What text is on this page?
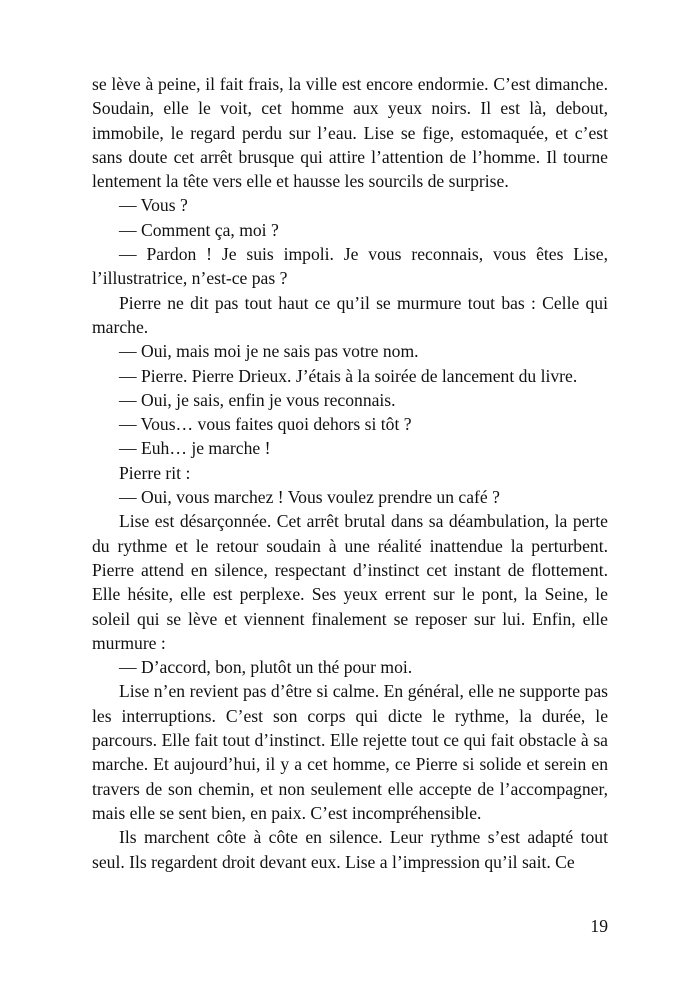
se lève à peine, il fait frais, la ville est encore endormie. C’est dimanche. Soudain, elle le voit, cet homme aux yeux noirs. Il est là, debout, immobile, le regard perdu sur l’eau. Lise se fige, estomaquée, et c’est sans doute cet arrêt brusque qui attire l’attention de l’homme. Il tourne lentement la tête vers elle et hausse les sourcils de surprise.

— Vous ?

— Comment ça, moi ?

— Pardon ! Je suis impoli. Je vous reconnais, vous êtes Lise, l’illustratrice, n’est-ce pas ?

Pierre ne dit pas tout haut ce qu’il se murmure tout bas : Celle qui marche.

— Oui, mais moi je ne sais pas votre nom.

— Pierre. Pierre Drieux. J’étais à la soirée de lancement du livre.

— Oui, je sais, enfin je vous reconnais.

— Vous… vous faites quoi dehors si tôt ?

— Euh… je marche !

Pierre rit :

— Oui, vous marchez ! Vous voulez prendre un café ?

Lise est désarçonnée. Cet arrêt brutal dans sa déambulation, la perte du rythme et le retour soudain à une réalité inattendue la perturbent. Pierre attend en silence, respectant d’instinct cet instant de flottement. Elle hésite, elle est perplexe. Ses yeux errent sur le pont, la Seine, le soleil qui se lève et viennent finalement se reposer sur lui. Enfin, elle murmure :

— D’accord, bon, plutôt un thé pour moi.

Lise n’en revient pas d’être si calme. En général, elle ne supporte pas les interruptions. C’est son corps qui dicte le rythme, la durée, le parcours. Elle fait tout d’instinct. Elle rejette tout ce qui fait obstacle à sa marche. Et aujourd’hui, il y a cet homme, ce Pierre si solide et serein en travers de son chemin, et non seulement elle accepte de l’accompagner, mais elle se sent bien, en paix. C’est incompréhensible.

Ils marchent côte à côte en silence. Leur rythme s’est adapté tout seul. Ils regardent droit devant eux. Lise a l’impression qu’il sait. Ce

19
